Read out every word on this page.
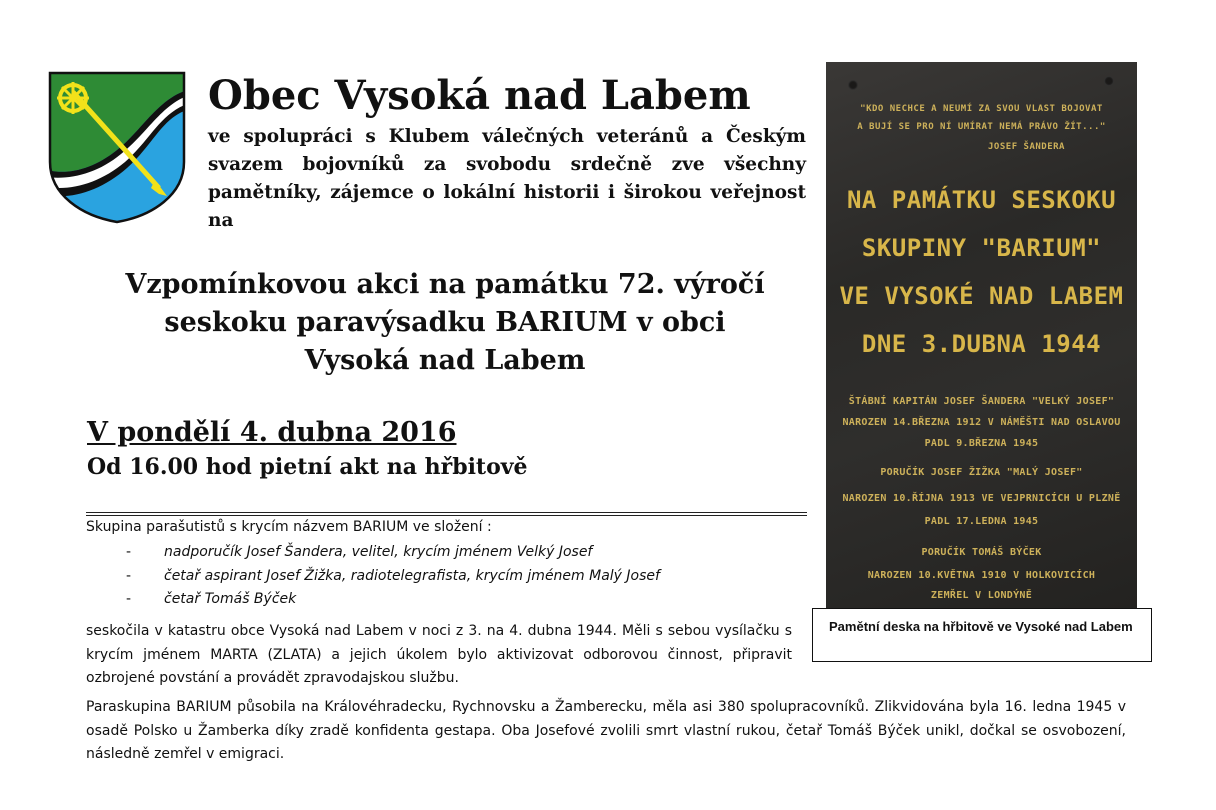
Obec Vysoká nad Labem
ve spolupráci s Klubem válečných veteránů a Českým svazem bojovníků za svobodu srdečně zve všechny pamětníky, zájemce o lokální historii i širokou veřejnost na
Vzpomínkovou akci na památku 72. výročí
seskoku paravýsadku BARIUM v obci
Vysoká nad Labem
V pondělí 4. dubna 2016
Od 16.00 hod pietní akt na hřbitově
Skupina parašutistů s krycím názvem BARIUM ve složení :
- nadporučík Josef Šandera, velitel, krycím jménem Velký Josef
- četař aspirant Josef Žižka, radiotelegrafista, krycím jménem Malý Josef
- četař Tomáš Býček
seskočila v katastru obce Vysoká nad Labem v noci z 3. na 4. dubna 1944. Měli s sebou vysílačku s krycím jménem MARTA (ZLATA) a jejich úkolem bylo aktivizovat odborovou činnost, připravit ozbrojené povstání a provádět zpravodajskou službu.
Paraskupina BARIUM působila na Královéhradecku, Rychnovsku a Žamberecku, měla asi 380 spolupracovníků. Zlikvidována byla 16. ledna 1945 v osadě Polsko u Žamberka díky zradě konfidenta gestapa. Oba Josefové zvolili smrt vlastní rukou, četař Tomáš Býček unikl, dočkal se osvobození, následně zemřel v emigraci.
"KDO NECHCE A NEUMÍ ZA SVOU VLAST BOJOVAT
A BUJÍ SE PRO NÍ UMÍRAT NEMÁ PRÁVO ŽÍT..."
JOSEF ŠANDERA
NA PAMÁTKU SESKOKU
SKUPINY "BARIUM"
VE VYSOKÉ NAD LABEM
DNE 3.DUBNA 1944
ŠTÁBNÍ KAPITÁN JOSEF ŠANDERA "VELKÝ JOSEF"
NAROZEN 14.BŘEZNA 1912 V NÁMĚŠTI NAD OSLAVOU
PADL 9.BŘEZNA 1945
PORUČÍK JOSEF ŽIŽKA "MALÝ JOSEF"
NAROZEN 10.ŘÍJNA 1913 VE VEJPRNICÍCH U PLZNĚ
PADL 17.LEDNA 1945
PORUČÍK TOMÁŠ BÝČEK
NAROZEN 10.KVĚTNA 1910 V HOLKOVICÍCH
ZEMŘEL V LONDÝNĚ
Pamětní deska na hřbitově ve Vysoké nad Labem
